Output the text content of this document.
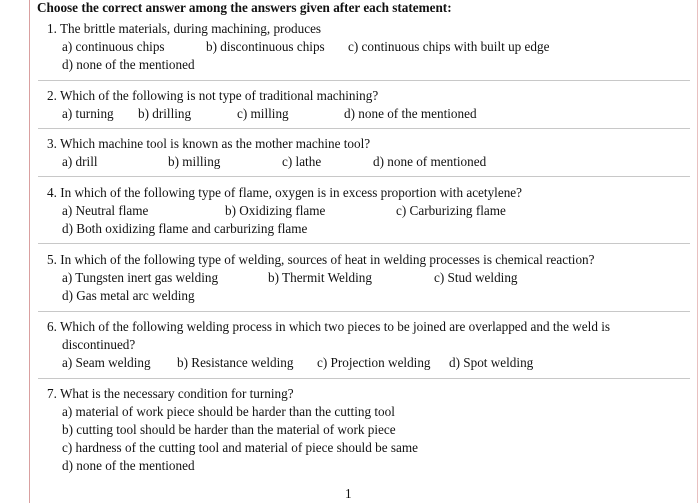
Choose the correct answer among the answers given after each statement:
1. The brittle materials, during machining, produces
a) continuous chips	b) discontinuous chips c) continuous chips with built up edge
d) none of the mentioned
2. Which of the following is not type of traditional machining?
a) turning b) drilling	c) milling	d) none of the mentioned
3. Which machine tool is known as the mother machine tool?
a) drill	b) milling	c) lathe	d) none of mentioned
4. In which of the following type of flame, oxygen is in excess proportion with acetylene?
a) Neutral flame	b) Oxidizing flame	c) Carburizing flame
d) Both oxidizing flame and carburizing flame
5. In which of the following type of welding, sources of heat in welding processes is chemical reaction?
a) Tungsten inert gas welding	b) Thermit Welding	c) Stud welding
d) Gas metal arc welding
6. Which of the following welding process in which two pieces to be joined are overlapped and the weld is
discontinued?
a) Seam welding b) Resistance welding c) Projection welding d) Spot welding
7. What is the necessary condition for turning?
a) material of work piece should be harder than the cutting tool
b) cutting tool should be harder than the material of work piece
c) hardness of the cutting tool and material of piece should be same
d) none of the mentioned
1
